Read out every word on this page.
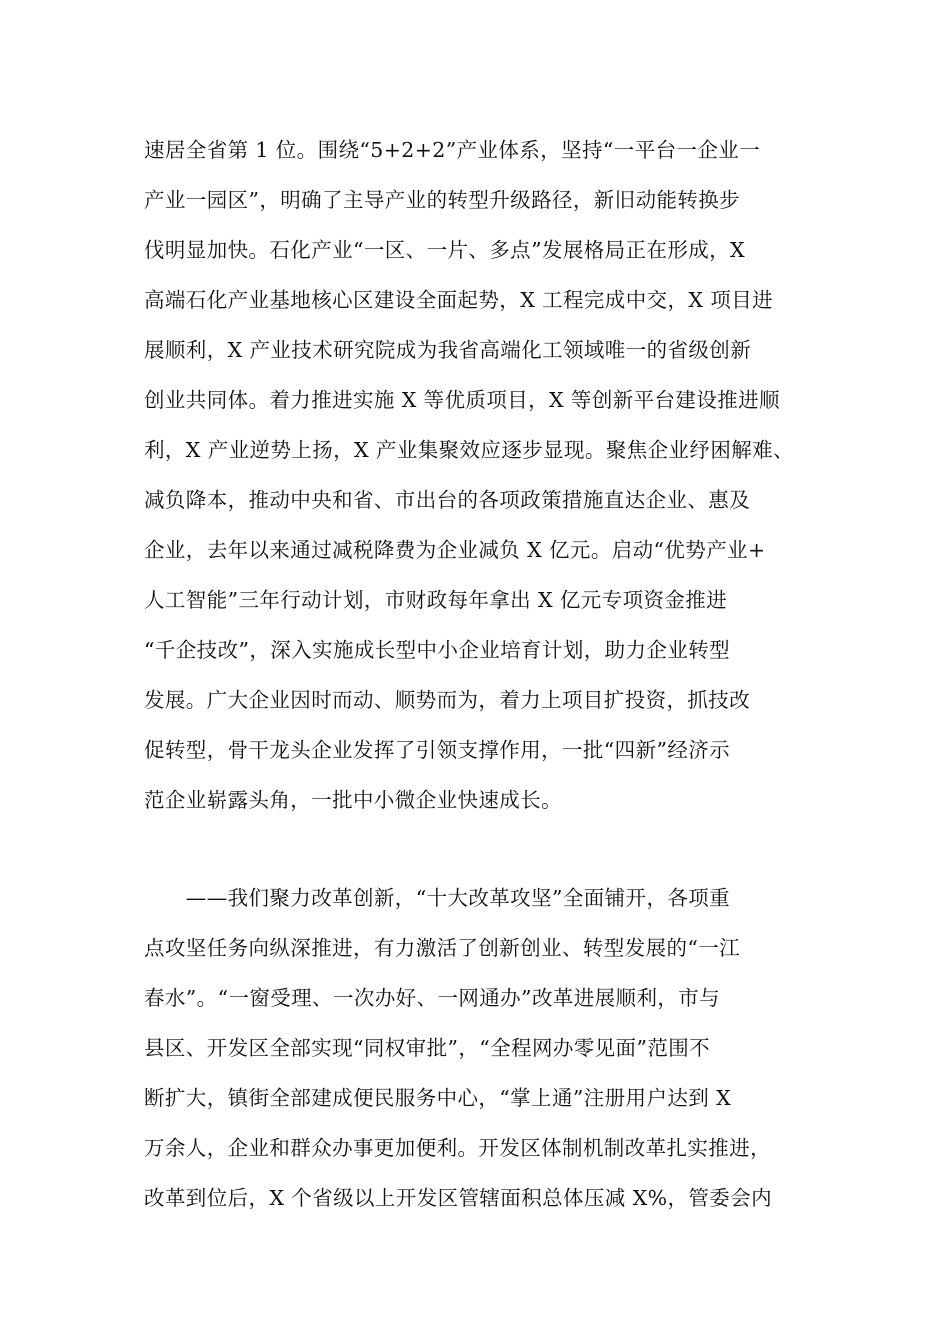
速居全省第 1 位。围绕“5+2+2”产业体系，坚持“一平台一企业一
产业一园区”，明确了主导产业的转型升级路径，新旧动能转换步
伐明显加快。石化产业“一区、一片、多点”发展格局正在形成，X
高端石化产业基地核心区建设全面起势，X 工程完成中交，X 项目进
展顺利，X 产业技术研究院成为我省高端化工领域唯一的省级创新
创业共同体。着力推进实施 X 等优质项目，X 等创新平台建设推进顺
利，X 产业逆势上扬，X 产业集聚效应逐步显现。聚焦企业纾困解难、
减负降本，推动中央和省、市出台的各项政策措施直达企业、惠及
企业，去年以来通过减税降费为企业减负 X 亿元。启动“优势产业+
人工智能”三年行动计划，市财政每年拿出 X 亿元专项资金推进
“千企技改”，深入实施成长型中小企业培育计划，助力企业转型
发展。广大企业因时而动、顺势而为，着力上项目扩投资，抓技改
促转型，骨干龙头企业发挥了引领支撑作用，一批“四新”经济示
范企业崭露头角，一批中小微企业快速成长。
　　——我们聚力改革创新，“十大改革攻坚”全面铺开，各项重
点攻坚任务向纵深推进，有力激活了创新创业、转型发展的“一江
春水”。“一窗受理、一次办好、一网通办”改革进展顺利，市与
县区、开发区全部实现“同权审批”，“全程网办零见面”范围不
断扩大，镇街全部建成便民服务中心，“掌上通”注册用户达到 X
万余人，企业和群众办事更加便利。开发区体制机制改革扎实推进，
改革到位后，X 个省级以上开发区管辖面积总体压减 X%，管委会内
